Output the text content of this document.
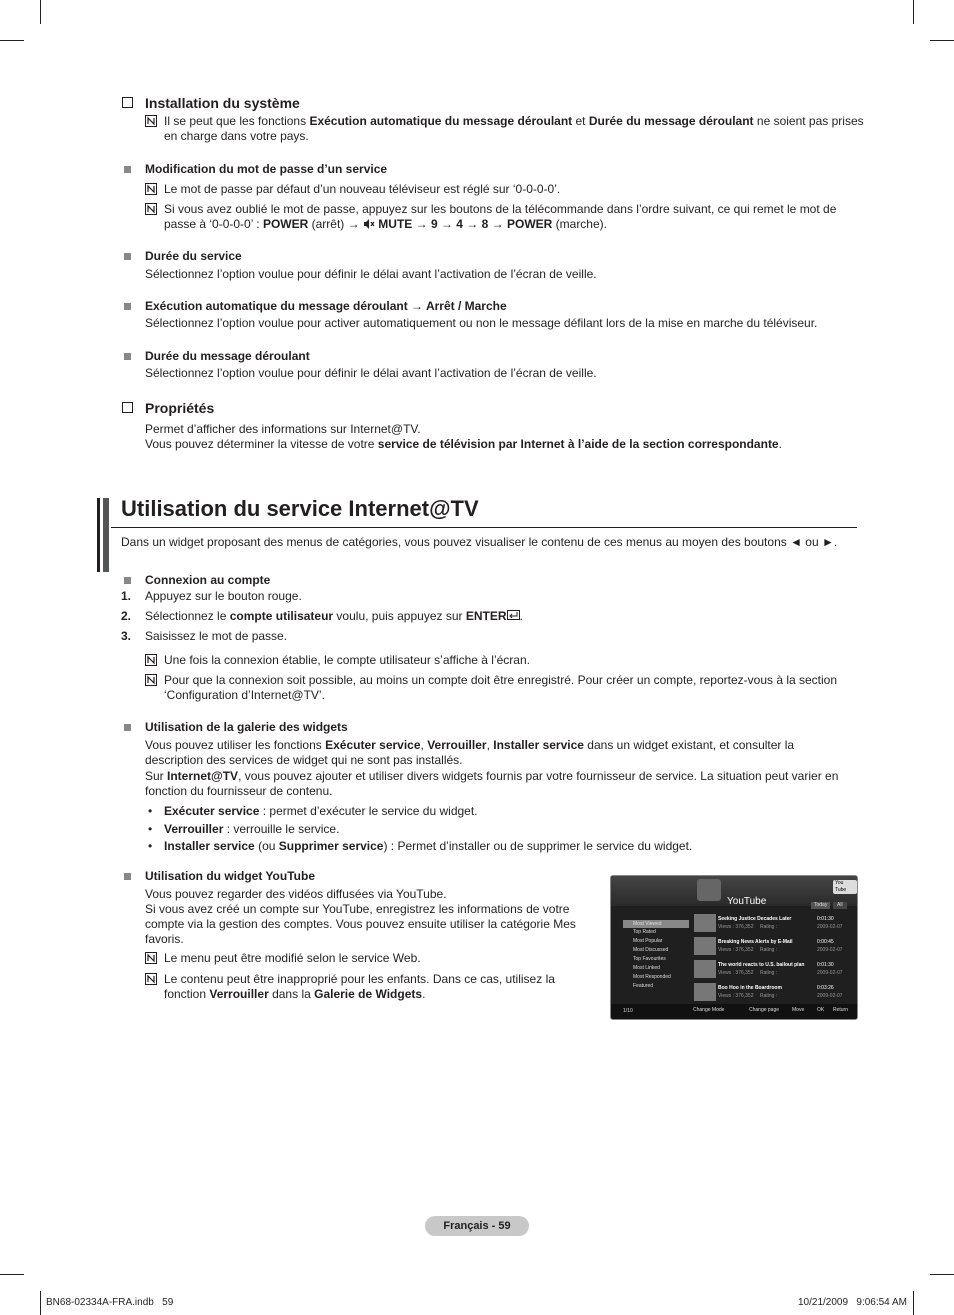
Installation du système
Il se peut que les fonctions Exécution automatique du message déroulant et Durée du message déroulant ne soient pas prises en charge dans votre pays.
Modification du mot de passe d’un service
Le mot de passe par défaut d’un nouveau téléviseur est réglé sur ‘0-0-0-0’.
Si vous avez oublié le mot de passe, appuyez sur les boutons de la télécommande dans l’ordre suivant, ce qui remet le mot de passe à ‘0-0-0-0’ : POWER (arrêt) →  MUTE → 9 → 4 → 8 → POWER (marche).
Durée du service
Sélectionnez l’option voulue pour définir le délai avant l’activation de l’écran de veille.
Exécution automatique du message déroulant → Arrêt / Marche
Sélectionnez l’option voulue pour activer automatiquement ou non le message défilant lors de la mise en marche du téléviseur.
Durée du message déroulant
Sélectionnez l’option voulue pour définir le délai avant l’activation de l’écran de veille.
Propriétés
Permet d’afficher des informations sur Internet@TV.
Vous pouvez déterminer la vitesse de votre service de télévision par Internet à l’aide de la section correspondante.
Utilisation du service Internet@TV
Dans un widget proposant des menus de catégories, vous pouvez visualiser le contenu de ces menus au moyen des boutons ◄ ou ►.
Connexion au compte
1. Appuyez sur le bouton rouge.
2. Sélectionnez le compte utilisateur voulu, puis appuyez sur ENTER .
3. Saisissez le mot de passe.
Une fois la connexion établie, le compte utilisateur s’affiche à l’écran.
Pour que la connexion soit possible, au moins un compte doit être enregistré. Pour créer un compte, reportez-vous à la section ‘Configuration d’Internet@TV’.
Utilisation de la galerie des widgets
Vous pouvez utiliser les fonctions Exécuter service, Verrouiller, Installer service dans un widget existant, et consulter la description des services de widget qui ne sont pas installés.
Sur Internet@TV, vous pouvez ajouter et utiliser divers widgets fournis par votre fournisseur de service. La situation peut varier en fonction du fournisseur de contenu.
• Exécuter service : permet d’exécuter le service du widget.
• Verrouiller : verrouille le service.
• Installer service (ou Supprimer service) : Permet d’installer ou de supprimer le service du widget.
Utilisation du widget YouTube
Vous pouvez regarder des vidéos diffusées via YouTube.
Si vous avez créé un compte sur YouTube, enregistrez les informations de votre compte via la gestion des comptes. Vous pouvez ensuite utiliser la catégorie Mes favoris.
Le menu peut être modifié selon le service Web.
Le contenu peut être inapproprié pour les enfants. Dans ce cas, utilisez la fonction Verrouiller dans la Galerie de Widgets.
YouTube
You Tube
Today	All
Most Viewed
Top Rated
Most Popular
Most Discussed
Top Favourites
Most Linked
Most Responded
Featured
Seeking Justice Decades Later	0:01:30
Views : 376,352 Rating :	2009-02-07
Breaking News Alerts by E-Mail	0:00:45
Views : 376,352 Rating :	2009-02-07
The world reacts to U.S. bailout plan	0:01:30
Views : 376,352 Rating :	2009-02-07
Boo Hoo in the Boardroom	0:03:26
Views : 376,352 Rating :	2009-02-07
1/10	Change Mode	Change page	Move	OK Return
Français - 59
BN68-02334A-FRA.indb   59	10/21/2009   9:06:54 AM
